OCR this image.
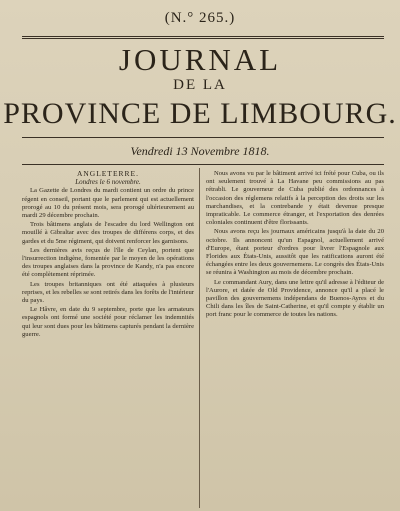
(N.° 265.)
JOURNAL
DE LA
PROVINCE DE LIMBOURG.
Vendredi 13 Novembre 1818.
ANGLETERRE.
Londres le 6 novembre.

La Gazette de Londres du mardi contient un ordre du prince régent en conseil, portant que le parlement qui est actuellement prorogé au 10 du présent mois, sera prorogé ultérieurement au mardi 29 décembre prochain.

Trois bâtimens anglais de l'escadre du lord Wellington ont mouillé à Gibraltar avec des troupes de différens corps, et des gardes et du 5me régiment, qui doivent renforcer les garnisons.

Les dernières avis reçus de l'île de Ceylan, portent que l'insurrection indigène, fomentée par le moyen de les opérations des troupes anglaises dans la province de Kandy, n'a pas encore été complètement réprimée.

Les troupes britanniques ont été attaquées à plusieurs reprises, et les rebelles se sont retirés dans les forêts de l'intérieur du pays.

Le Hâvre, en date du 9 septembre, porte que les armateurs espagnols ont formé une société pour réclamer les indemnités qui leur sont dues pour les bâtimens capturés pendant la dernière guerre.

Nous avons vu par le bâtiment arrivé ici frété pour Cuba, ou ils ont seulement trouvé à La Havane peu commissions au pas rétrabli. Le gouverneur de Cuba publié des ordonnances à l'occasion des réglemens relatifs à la perception des droits sur les marchandises, et la contrebande y était devenue presque impraticable. Le commerce étranger, et l'exportation des denrées coloniales continuent d'être florissants.

Nous avons reçu les journaux américains jusqu'à la date du 20 octobre. Ils annoncent qu'un Espagnol, actuellement arrivé d'Europe, étant porteur d'ordres pour livrer l'Espagnole aux Florides aux États-Unis, aussitôt que les ratifications auront été échangées entre les deux gouvernemens. Le congrès des États-Unis se réunira à Washington au mois de décembre prochain.

Le commandant Aury, dans une lettre qu'il adresse à l'éditeur de l'Aurore, et datée de Old Providence, annonce qu'il a placé le pavillon des gouvernemens indépendans de Buenos-Ayres et du Chili dans les îles de Saint-Catherine, et qu'il compte y établir un port franc pour le commerce de toutes les nations.
